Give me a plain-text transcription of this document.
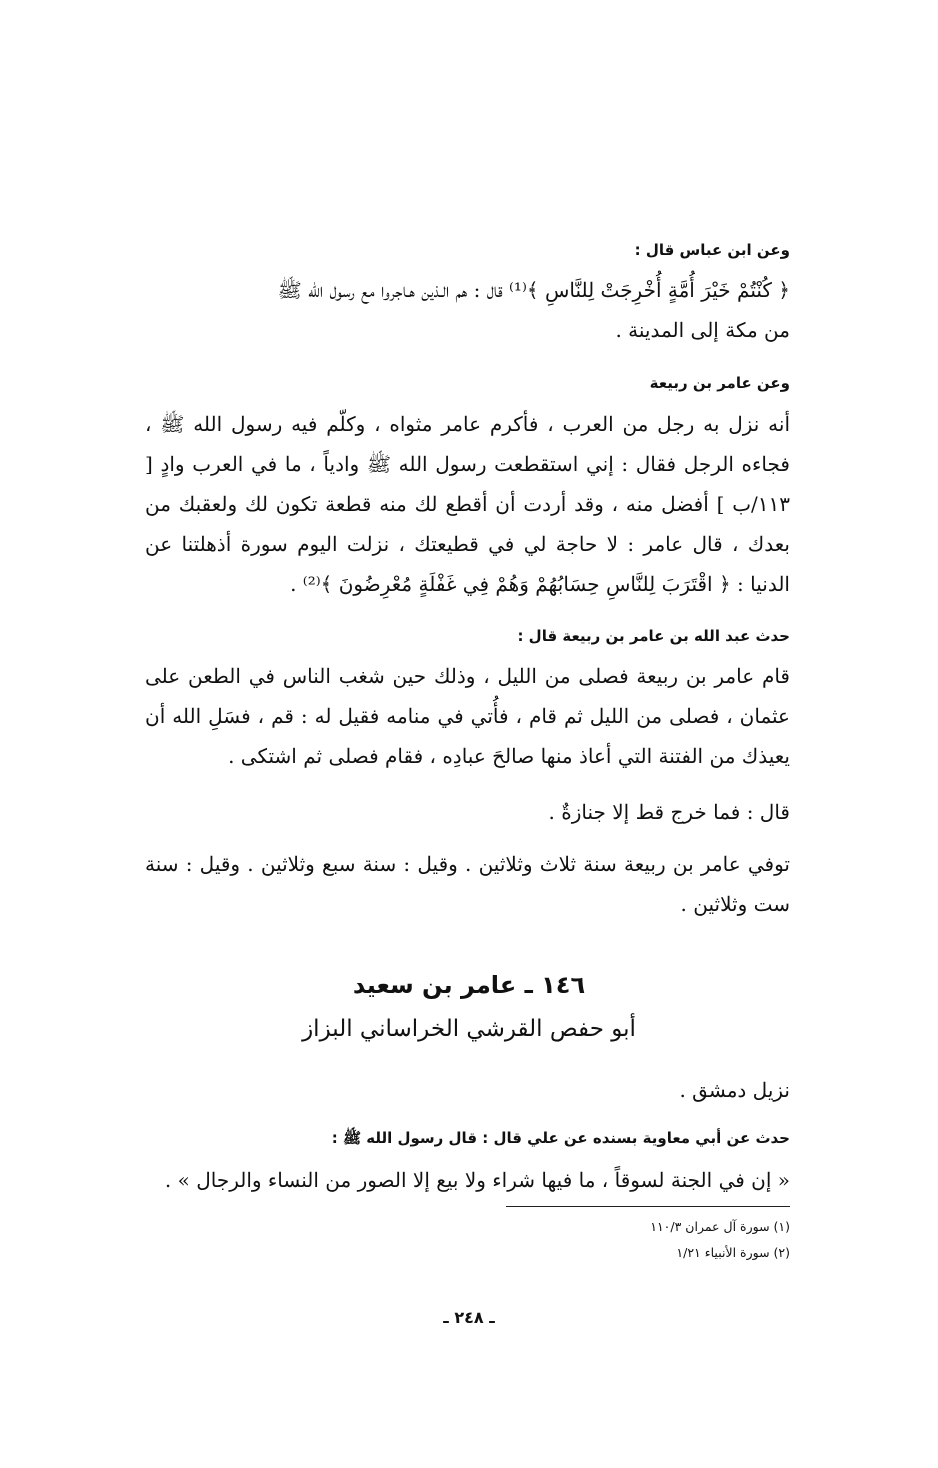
وعن ابن عباس قال :
﴿ كُنْتُمْ خَيْرَ أُمَّةٍ أُخْرِجَتْ لِلنَّاسِ ﴾⁽¹⁾ قال : هم الـذين هـاجروا مع رسول الله ﷺ
من مكة إلى المدينة .
وعن عامر بن ربيعة
أنه نزل به رجل من العرب ، فأكرم عامر مثواه ، وكلّم فيه رسول الله ﷺ ، فجاءه الرجل فقال : إني استقطعت رسول الله ﷺ وادياً ، ما في العرب وادٍ [ ١١٣/ب ] أفضل منه ، وقد أردت أن أقطع لك منه قطعة تكون لك ولعقبك من بعدك ، قال عامر : لا حاجة لي في قطيعتك ، نزلت اليوم سورة أذهلتنا عن الدنيا : ﴿ اقْتَرَبَ لِلنَّاسِ حِسَابُهُمْ وَهُمْ فِي غَفْلَةٍ مُعْرِضُونَ ﴾⁽²⁾ .
حدث عبد الله بن عامر بن ربيعة قال :
قام عامر بن ربيعة فصلى من الليل ، وذلك حين شغب الناس في الطعن على عثمان ، فصلى من الليل ثم قام ، فأُتي في منامه فقيل له : قم ، فسَلِ الله أن يعيذك من الفتنة التي أعاذ منها صالحَ عبادِه ، فقام فصلى ثم اشتكى .
قال : فما خرج قط إلا جنازةٌ .
توفي عامر بن ربيعة سنة ثلاث وثلاثين . وقيل : سنة سبع وثلاثين . وقيل : سنة ست وثلاثين .
١٤٦ ـ عامر بن سعيد
أبو حفص القرشي الخراساني البزاز
نزيل دمشق .
حدث عن أبي معاوية بسنده عن علي قال : قال رسول الله ﷺ :
« إن في الجنة لسوقاً ، ما فيها شراء ولا بيع إلا الصور من النساء والرجال » .
(١) سورة آل عمران ١١٠/٣
(٢) سورة الأنبياء ١/٢١
ـ ٢٤٨ ـ
